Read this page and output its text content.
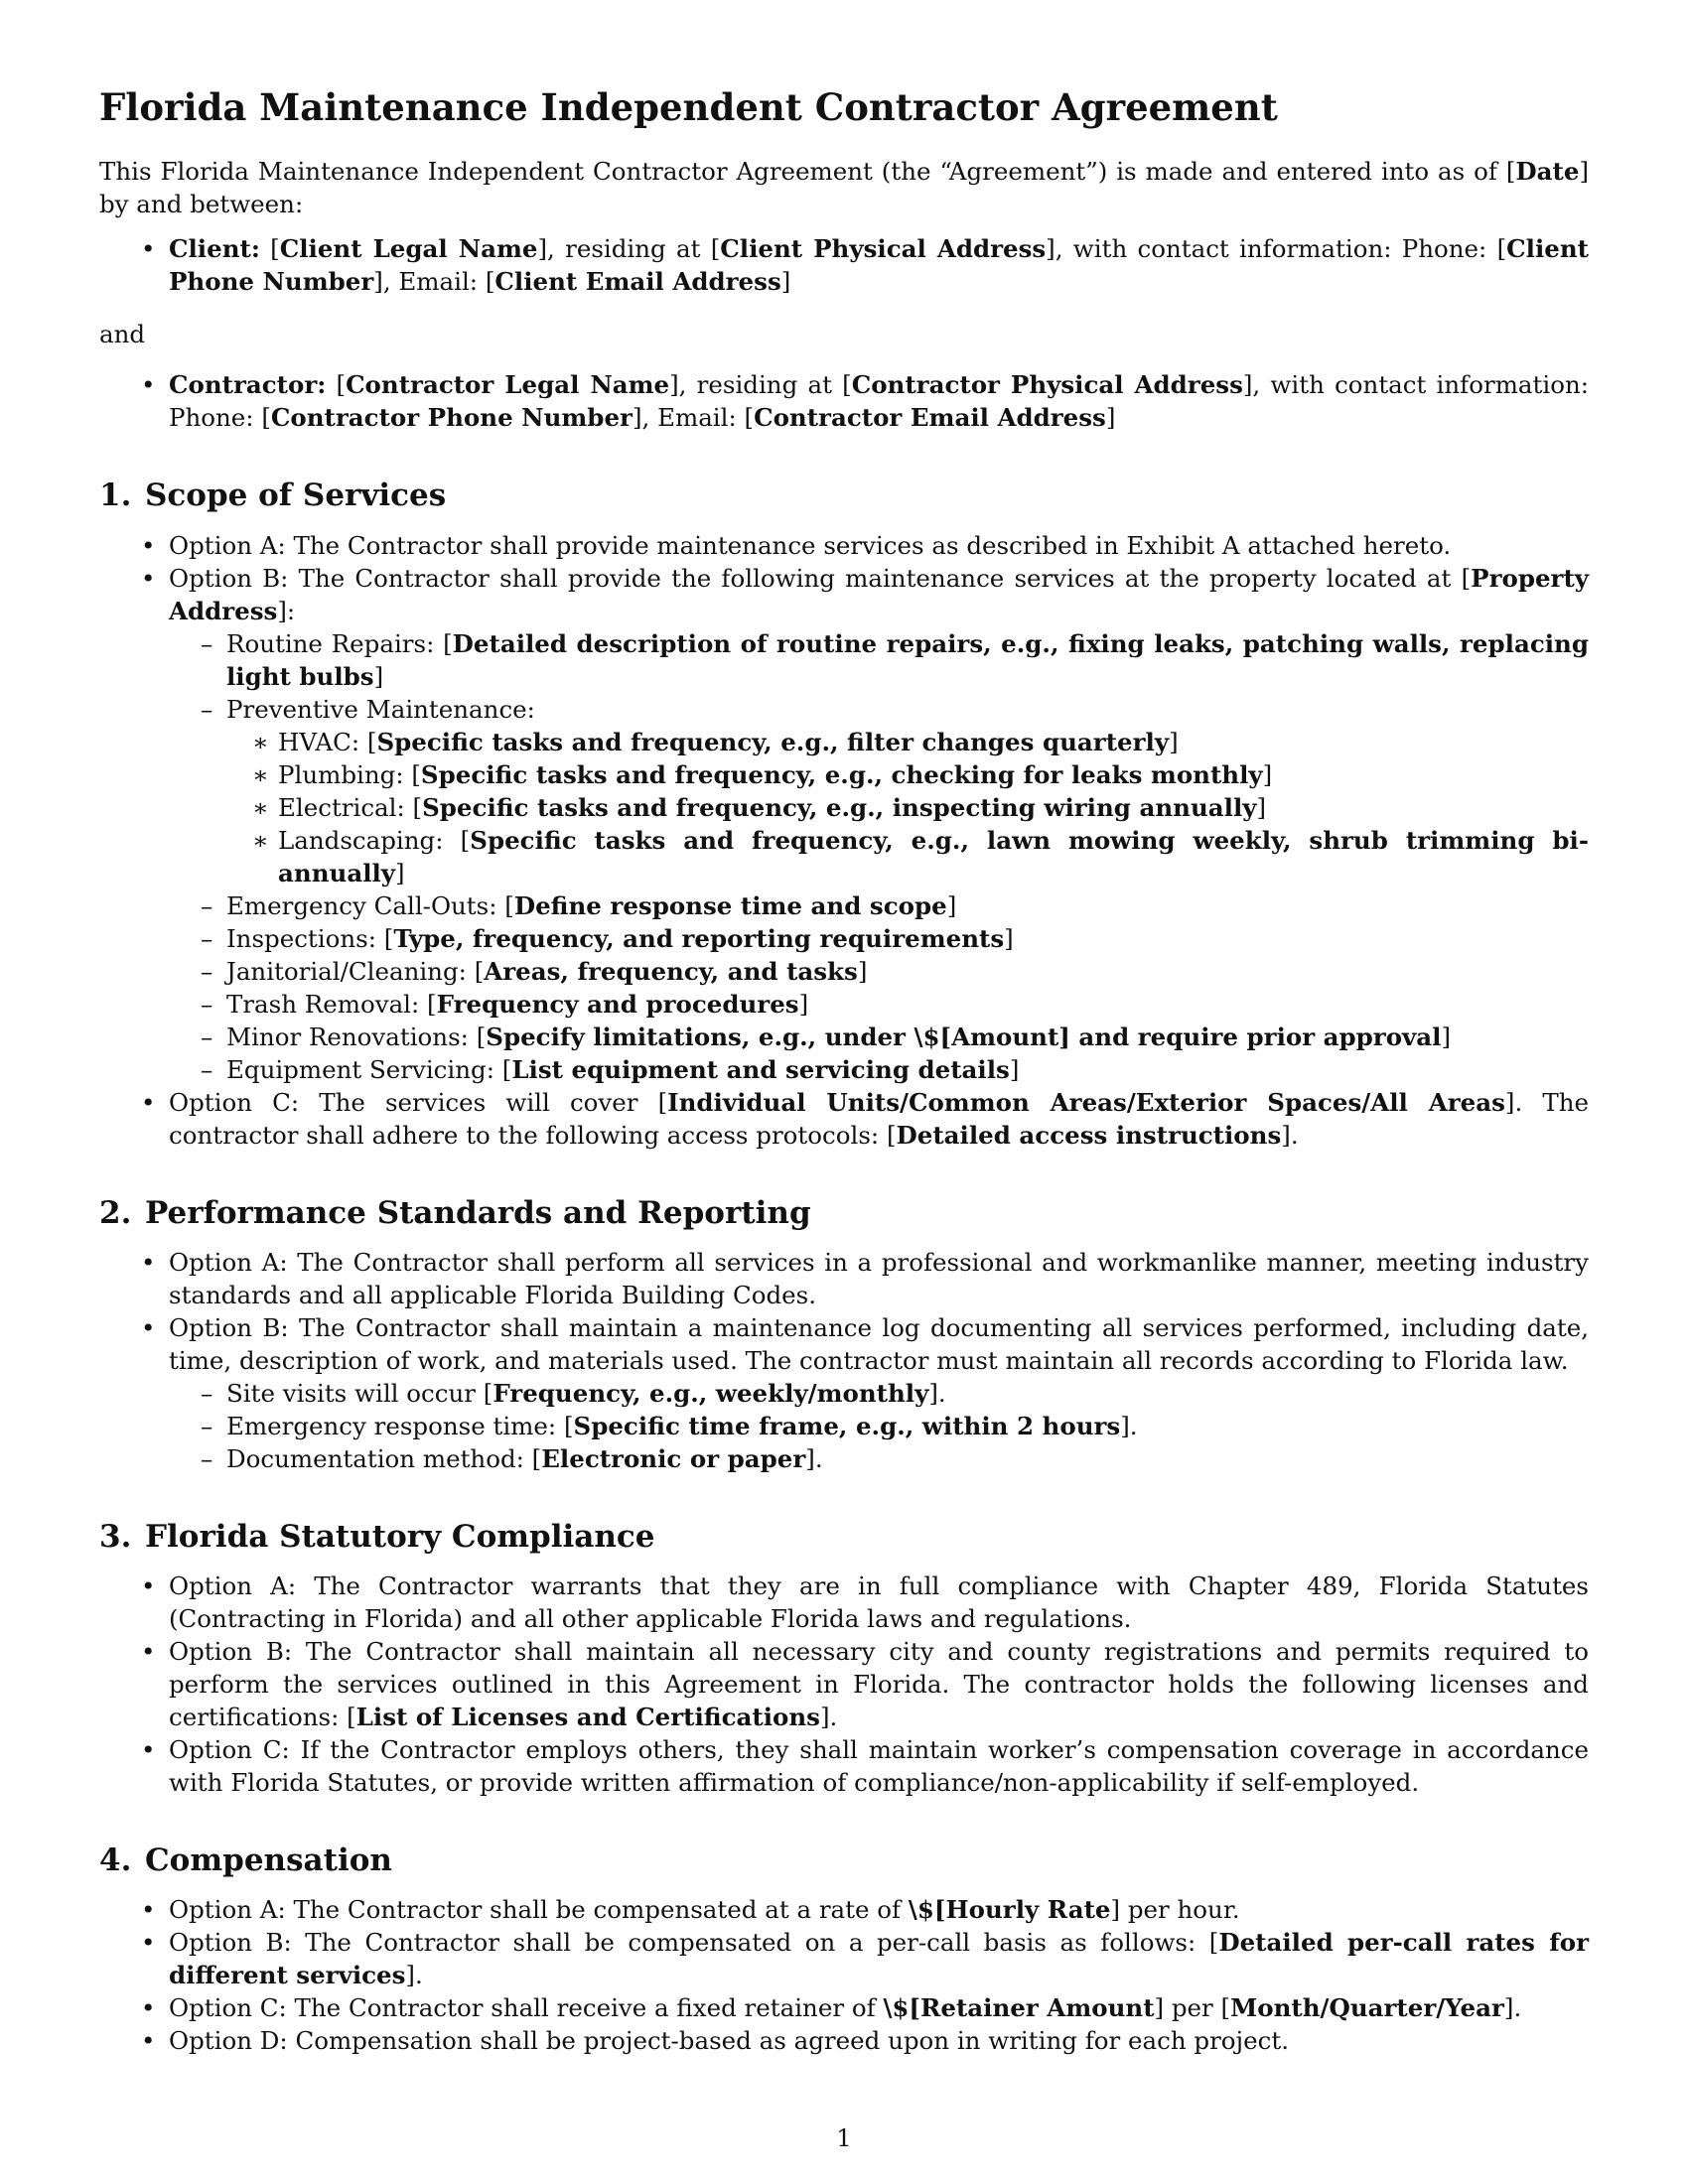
Florida Maintenance Independent Contractor Agreement

This Florida Maintenance Independent Contractor Agreement (the “Agreement”) is made and entered into as of [Date] by and between:

• Client: [Client Legal Name], residing at [Client Physical Address], with contact information: Phone: [Client Phone Number], Email: [Client Email Address]

and

• Contractor: [Contractor Legal Name], residing at [Contractor Physical Address], with contact information: Phone: [Contractor Phone Number], Email: [Contractor Email Address]
1. Scope of Services
• Option A: The Contractor shall provide maintenance services as described in Exhibit A attached hereto.
• Option B: The Contractor shall provide the following maintenance services at the property located at [Property Address]:
– Routine Repairs: [Detailed description of routine repairs, e.g., fixing leaks, patching walls, replacing light bulbs]
– Preventive Maintenance:
∗ HVAC: [Specific tasks and frequency, e.g., filter changes quarterly]
∗ Plumbing: [Specific tasks and frequency, e.g., checking for leaks monthly]
∗ Electrical: [Specific tasks and frequency, e.g., inspecting wiring annually]
∗ Landscaping: [Specific tasks and frequency, e.g., lawn mowing weekly, shrub trimming bi-annually]
– Emergency Call-Outs: [Define response time and scope]
– Inspections: [Type, frequency, and reporting requirements]
– Janitorial/Cleaning: [Areas, frequency, and tasks]
– Trash Removal: [Frequency and procedures]
– Minor Renovations: [Specify limitations, e.g., under \$[Amount] and require prior approval]
– Equipment Servicing: [List equipment and servicing details]
• Option C: The services will cover [Individual Units/Common Areas/Exterior Spaces/All Areas]. The contractor shall adhere to the following access protocols: [Detailed access instructions].
2. Performance Standards and Reporting
• Option A: The Contractor shall perform all services in a professional and workmanlike manner, meeting industry standards and all applicable Florida Building Codes.
• Option B: The Contractor shall maintain a maintenance log documenting all services performed, including date, time, description of work, and materials used. The contractor must maintain all records according to Florida law.
– Site visits will occur [Frequency, e.g., weekly/monthly].
– Emergency response time: [Specific time frame, e.g., within 2 hours].
– Documentation method: [Electronic or paper].
3. Florida Statutory Compliance
• Option A: The Contractor warrants that they are in full compliance with Chapter 489, Florida Statutes (Contracting in Florida) and all other applicable Florida laws and regulations.
• Option B: The Contractor shall maintain all necessary city and county registrations and permits required to perform the services outlined in this Agreement in Florida. The contractor holds the following licenses and certifications: [List of Licenses and Certifications].
• Option C: If the Contractor employs others, they shall maintain worker’s compensation coverage in accordance with Florida Statutes, or provide written affirmation of compliance/non-applicability if self-employed.
4. Compensation
• Option A: The Contractor shall be compensated at a rate of \$[Hourly Rate] per hour.
• Option B: The Contractor shall be compensated on a per-call basis as follows: [Detailed per-call rates for different services].
• Option C: The Contractor shall receive a fixed retainer of \$[Retainer Amount] per [Month/Quarter/Year].
• Option D: Compensation shall be project-based as agreed upon in writing for each project.
1
